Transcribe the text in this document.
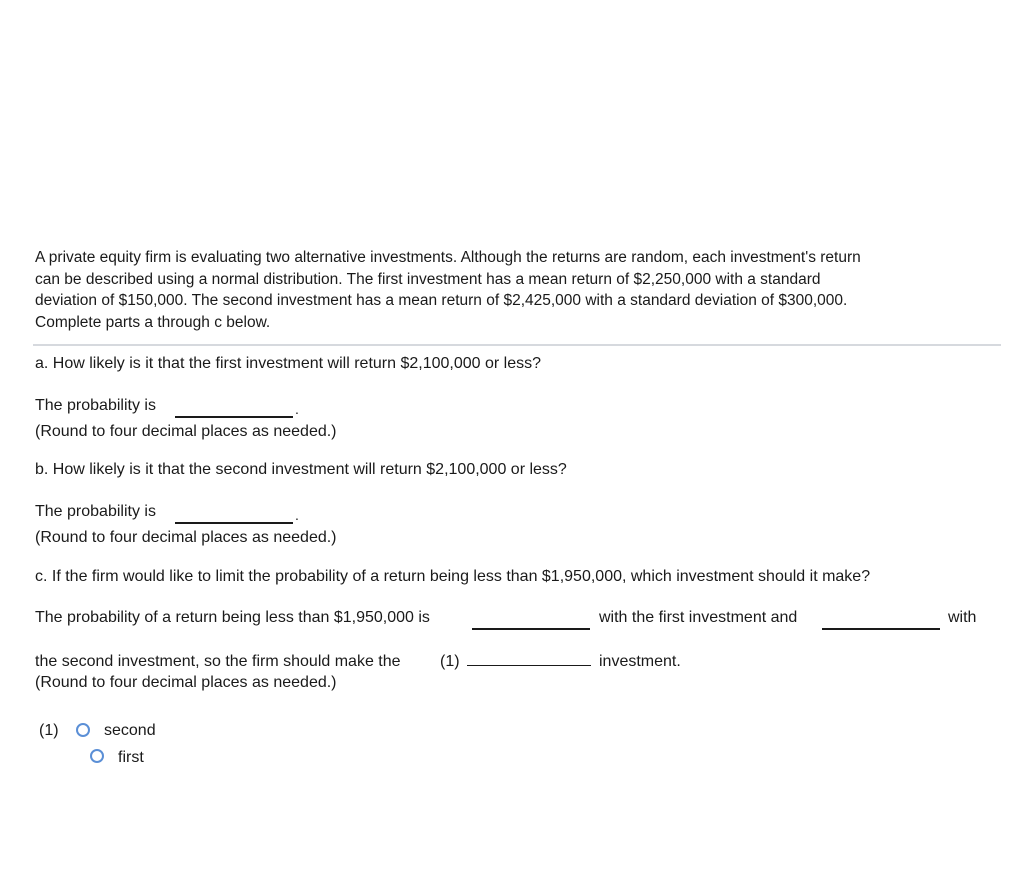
A private equity firm is evaluating two alternative investments. Although the returns are random, each investment's return
can be described using a normal distribution. The first investment has a mean return of $2,250,000 with a standard
deviation of $150,000. The second investment has a mean return of $2,425,000 with a standard deviation of $300,000.
Complete parts a through c below.
a. How likely is it that the first investment will return $2,100,000 or less?
The probability is	.
(Round to four decimal places as needed.)
b. How likely is it that the second investment will return $2,100,000 or less?
The probability is	.
(Round to four decimal places as needed.)
c. If the firm would like to limit the probability of a return being less than $1,950,000, which investment should it make?
The probability of a return being less than $1,950,000 is	with the first investment and	with
the second investment, so the firm should make the (1)	investment.
(Round to four decimal places as needed.)
(1)	second
first
